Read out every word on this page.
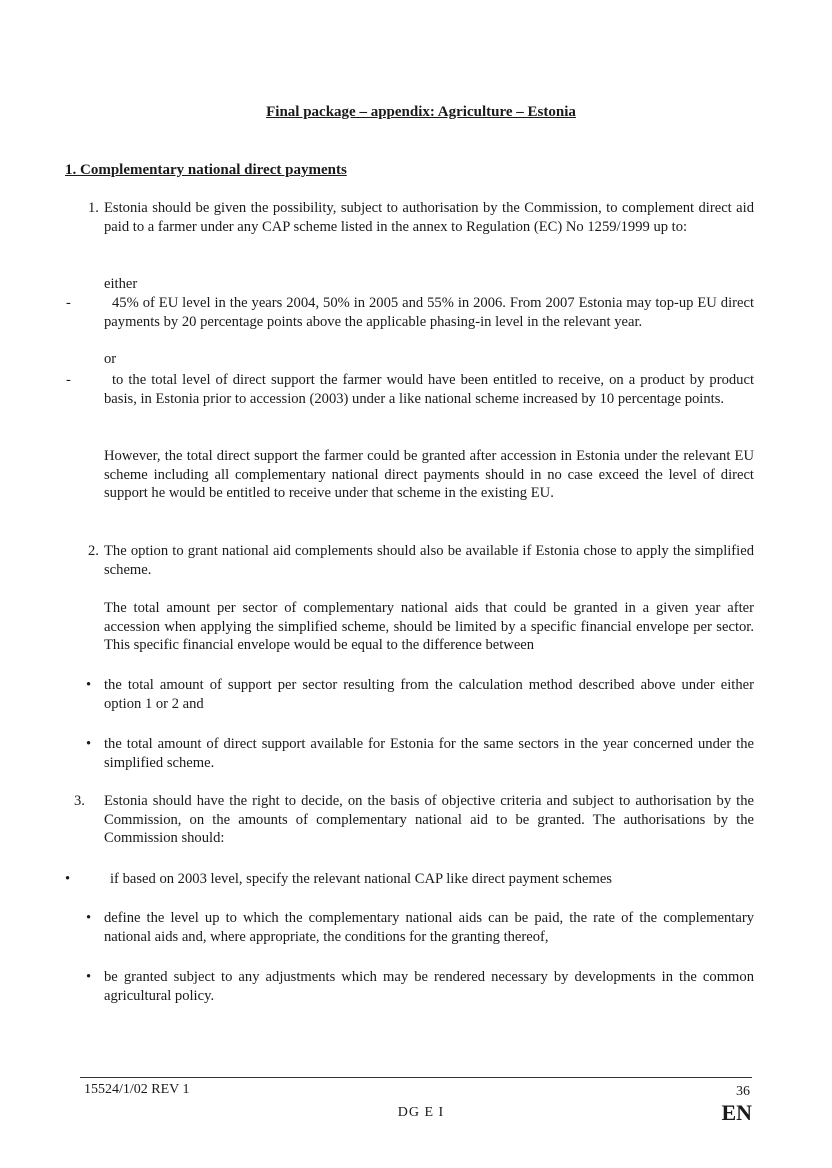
Final package – appendix: Agriculture – Estonia
1. Complementary national direct payments
1. Estonia should be given the possibility, subject to authorisation by the Commission, to complement direct aid paid to a farmer under any CAP scheme listed in the annex to Regulation (EC) No 1259/1999 up to:
either
-	45% of EU level in the years 2004, 50% in 2005 and 55% in 2006. From 2007 Estonia may top-up EU direct payments by 20 percentage points above the applicable phasing-in level in the relevant year.
or
-	to the total level of direct support the farmer would have been entitled to receive, on a product by product basis, in Estonia prior to accession (2003) under a like national scheme increased by 10 percentage points.
However, the total direct support the farmer could be granted after accession in Estonia under the relevant EU scheme including all complementary national direct payments should in no case exceed the level of direct support he would be entitled to receive under that scheme in the existing EU.
2. The option to grant national aid complements should also be available if Estonia chose to apply the simplified scheme.
The total amount per sector of complementary national aids that could be granted in a given year after accession when applying the simplified scheme, should be limited by a specific financial envelope per sector. This specific financial envelope would be equal to the difference between
• the total amount of support per sector resulting from the calculation method described above under either option 1 or 2 and
• the total amount of direct support available for Estonia for the same sectors in the year concerned under the simplified scheme.
3. Estonia should have the right to decide, on the basis of objective criteria and subject to authorisation by the Commission, on the amounts of complementary national aid to be granted. The authorisations by the Commission should:
•	if based on 2003 level, specify the relevant national CAP like direct payment schemes
• define the level up to which the complementary national aids can be paid, the rate of the complementary national aids and, where appropriate, the conditions for the granting thereof,
• be granted subject to any adjustments which may be rendered necessary by developments in the common agricultural policy.
15524/1/02 REV 1	36
DG E I	EN
